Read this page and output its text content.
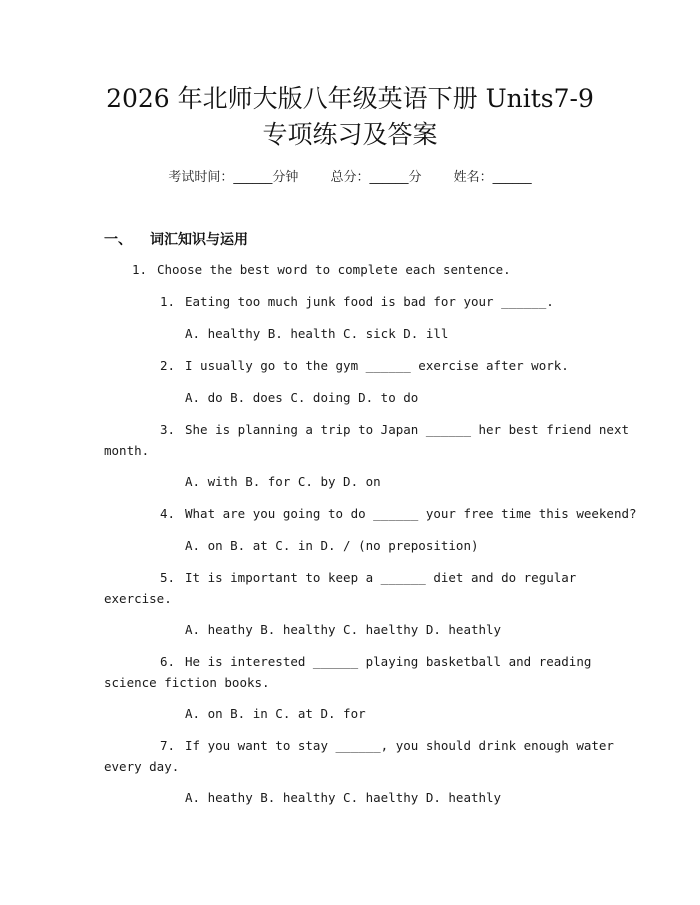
2026 年北师大版八年级英语下册 Units7-9
专项练习及答案
考试时间：______分钟 总分：______分 姓名：______
一、 词汇知识与运用
1. Choose the best word to complete each sentence.
1. Eating too much junk food is bad for your ______.
A. healthy B. health C. sick D. ill
2. I usually go to the gym ______ exercise after work.
A. do B. does C. doing D. to do
3. She is planning a trip to Japan ______ her best friend next
month.
A. with B. for C. by D. on
4. What are you going to do ______ your free time this weekend?
A. on B. at C. in D. / (no preposition)
5. It is important to keep a ______ diet and do regular
exercise.
A. heathy B. healthy C. haelthy D. heathly
6. He is interested ______ playing basketball and reading
science fiction books.
A. on B. in C. at D. for
7. If you want to stay ______, you should drink enough water
every day.
A. heathy B. healthy C. haelthy D. heathly
